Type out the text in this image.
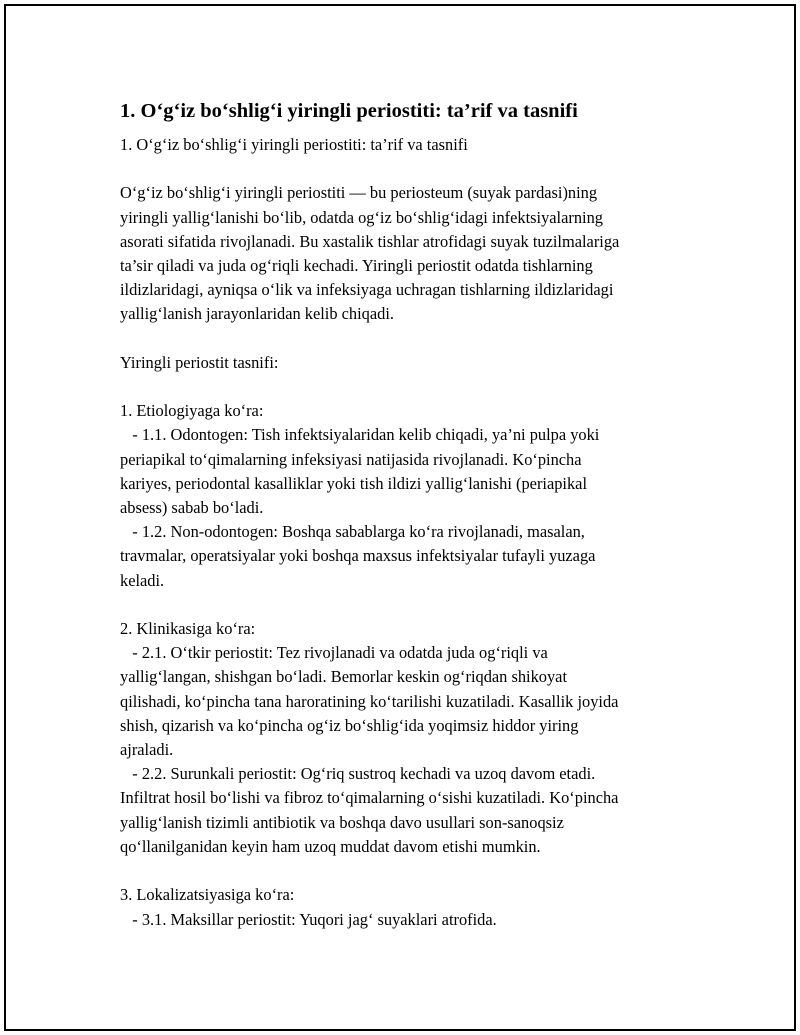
1. O‘g‘iz bo‘shlig‘i yiringli periostiti: ta’rif va tasnifi

1. O‘g‘iz bo‘shlig‘i yiringli periostiti: ta’rif va tasnifi

O‘g‘iz bo‘shlig‘i yiringli periostiti — bu periosteum (suyak pardasi)ning
yiringli yallig‘lanishi bo‘lib, odatda og‘iz bo‘shlig‘idagi infektsiyalarning
asorati sifatida rivojlanadi. Bu xastalik tishlar atrofidagi suyak tuzilmalariga
ta’sir qiladi va juda og‘riqli kechadi. Yiringli periostit odatda tishlarning
ildizlaridagi, ayniqsa o‘lik va infeksiyaga uchragan tishlarning ildizlaridagi
yallig‘lanish jarayonlaridan kelib chiqadi.

Yiringli periostit tasnifi:

1. Etiologiyaga ko‘ra:
- 1.1. Odontogen: Tish infektsiyalaridan kelib chiqadi, ya’ni pulpa yoki
periapikal to‘qimalarning infeksiyasi natijasida rivojlanadi. Ko‘pincha
kariyes, periodontal kasalliklar yoki tish ildizi yallig‘lanishi (periapikal
absess) sabab bo‘ladi.
- 1.2. Non-odontogen: Boshqa sabablarga ko‘ra rivojlanadi, masalan,
travmalar, operatsiyalar yoki boshqa maxsus infektsiyalar tufayli yuzaga
keladi.

2. Klinikasiga ko‘ra:
- 2.1. O‘tkir periostit: Tez rivojlanadi va odatda juda og‘riqli va
yallig‘langan, shishgan bo‘ladi. Bemorlar keskin og‘riqdan shikoyat
qilishadi, ko‘pincha tana haroratining ko‘tarilishi kuzatiladi. Kasallik joyida
shish, qizarish va ko‘pincha og‘iz bo‘shlig‘ida yoqimsiz hiddor yiring
ajraladi.
- 2.2. Surunkali periostit: Og‘riq sustroq kechadi va uzoq davom etadi.
Infiltrat hosil bo‘lishi va fibroz to‘qimalarning o‘sishi kuzatiladi. Ko‘pincha
yallig‘lanish tizimli antibiotik va boshqa davo usullari son-sanoqsiz
qo‘llanilganidan keyin ham uzoq muddat davom etishi mumkin.

3. Lokalizatsiyasiga ko‘ra:
- 3.1. Maksillar periostit: Yuqori jag‘ suyaklari atrofida.
